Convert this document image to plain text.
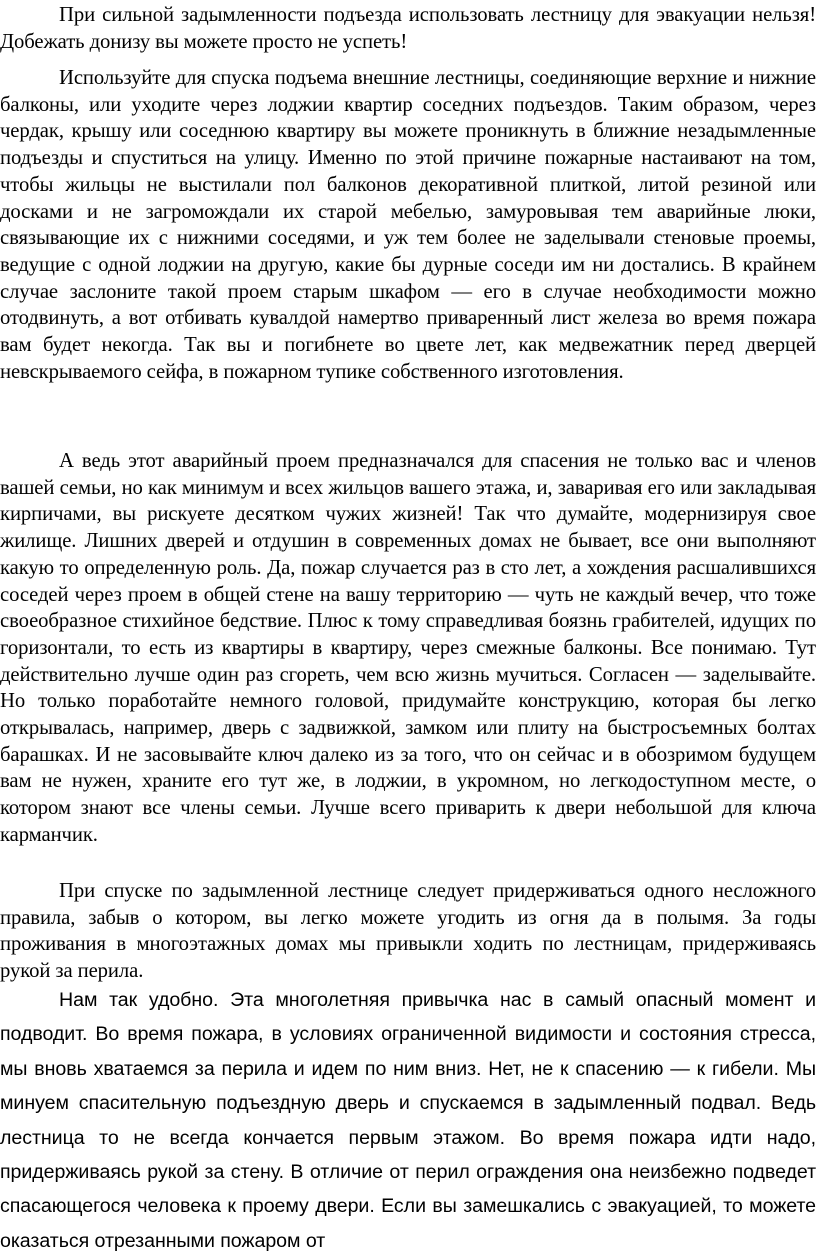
При сильной задымленности подъезда использовать лестницу для эвакуации нельзя! Добежать донизу вы можете просто не успеть!

Используйте для спуска подъема внешние лестницы, соединяющие верхние и нижние балконы, или уходите через лоджии квартир соседних подъездов. Таким образом, через чердак, крышу или соседнюю квартиру вы можете проникнуть в ближние незадымленные подъезды и спуститься на улицу. Именно по этой причине пожарные настаивают на том, чтобы жильцы не выстилали пол балконов декоративной плиткой, литой резиной или досками и не загромождали их старой мебелью, замуровывая тем аварийные люки, связывающие их с нижними соседями, и уж тем более не заделывали стеновые проемы, ведущие с одной лоджии на другую, какие бы дурные соседи им ни достались. В крайнем случае заслоните такой проем старым шкафом — его в случае необходимости можно отодвинуть, а вот отбивать кувалдой намертво приваренный лист железа во время пожара вам будет некогда. Так вы и погибнете во цвете лет, как медвежатник перед дверцей невскрываемого сейфа, в пожарном тупике собственного изготовления.

А ведь этот аварийный проем предназначался для спасения не только вас и членов вашей семьи, но как минимум и всех жильцов вашего этажа, и, заваривая его или закладывая кирпичами, вы рискуете десятком чужих жизней! Так что думайте, модернизируя свое жилище. Лишних дверей и отдушин в современных домах не бывает, все они выполняют какую то определенную роль. Да, пожар случается раз в сто лет, а хождения расшалившихся соседей через проем в общей стене на вашу территорию — чуть не каждый вечер, что тоже своеобразное стихийное бедствие. Плюс к тому справедливая боязнь грабителей, идущих по горизонтали, то есть из квартиры в квартиру, через смежные балконы. Все понимаю. Тут действительно лучше один раз сгореть, чем всю жизнь мучиться. Согласен — заделывайте. Но только поработайте немного головой, придумайте конструкцию, которая бы легко открывалась, например, дверь с задвижкой, замком или плиту на быстросъемных болтах барашках. И не засовывайте ключ далеко из за того, что он сейчас и в обозримом будущем вам не нужен, храните его тут же, в лоджии, в укромном, но легкодоступном месте, о котором знают все члены семьи. Лучше всего приварить к двери небольшой для ключа карманчик.

При спуске по задымленной лестнице следует придерживаться одного несложного правила, забыв о котором, вы легко можете угодить из огня да в полымя. За годы проживания в многоэтажных домах мы привыкли ходить по лестницам, придерживаясь рукой за перила.

Нам так удобно. Эта многолетняя привычка нас в самый опасный момент и подводит. Во время пожара, в условиях ограниченной видимости и состояния стресса, мы вновь хватаемся за перила и идем по ним вниз. Нет, не к спасению — к гибели. Мы минуем спасительную подъездную дверь и спускаемся в задымленный подвал. Ведь лестница то не всегда кончается первым этажом. Во время пожара идти надо, придерживаясь рукой за стену. В отличие от перил ограждения она неизбежно подведет спасающегося человека к проему двери. Если вы замешкались с эвакуацией, то можете оказаться отрезанными пожаром от
